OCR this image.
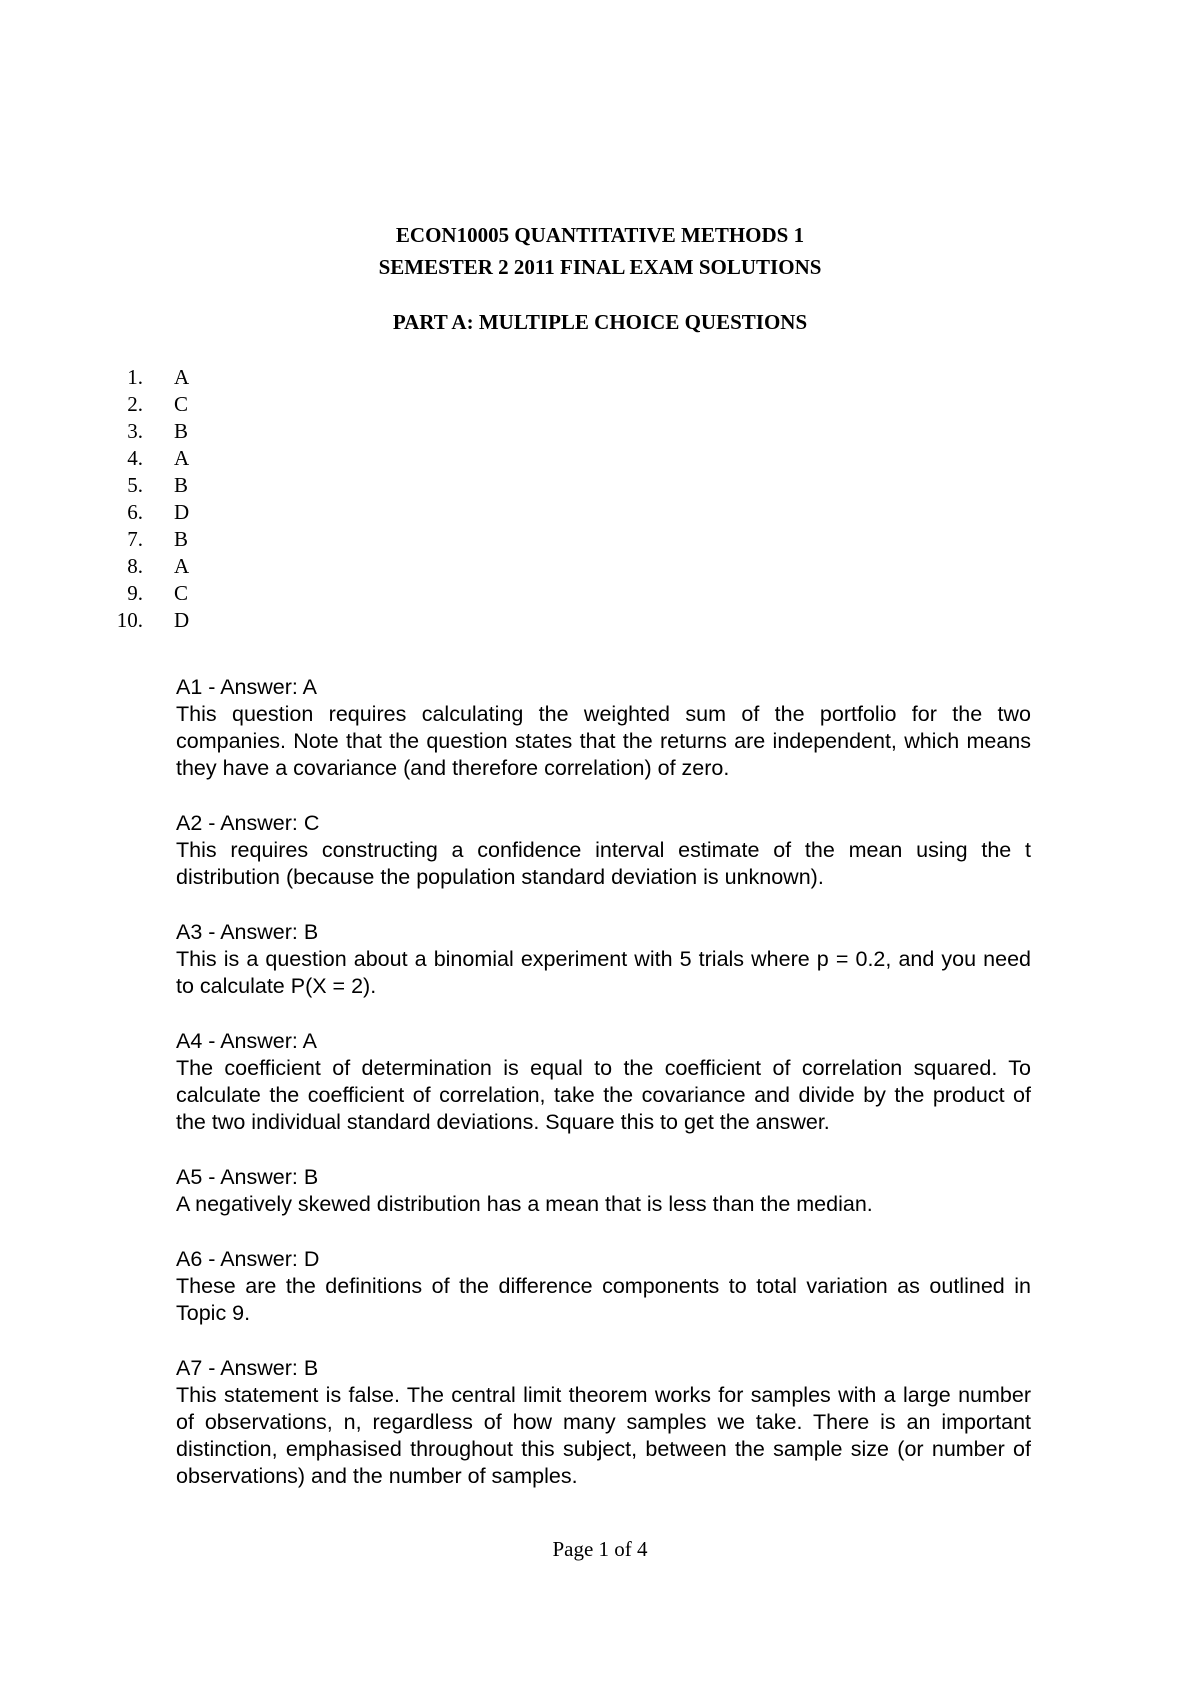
ECON10005 QUANTITATIVE METHODS 1
SEMESTER 2 2011 FINAL EXAM SOLUTIONS
PART A: MULTIPLE CHOICE QUESTIONS
1. A
2. C
3. B
4. A
5. B
6. D
7. B
8. A
9. C
10. D
A1 - Answer: A
This question requires calculating the weighted sum of the portfolio for the two companies. Note that the question states that the returns are independent, which means they have a covariance (and therefore correlation) of zero.
A2 - Answer: C
This requires constructing a confidence interval estimate of the mean using the t distribution (because the population standard deviation is unknown).
A3 - Answer: B
This is a question about a binomial experiment with 5 trials where p = 0.2, and you need to calculate P(X = 2).
A4 - Answer: A
The coefficient of determination is equal to the coefficient of correlation squared. To calculate the coefficient of correlation, take the covariance and divide by the product of the two individual standard deviations. Square this to get the answer.
A5 - Answer: B
A negatively skewed distribution has a mean that is less than the median.
A6 - Answer: D
These are the definitions of the difference components to total variation as outlined in Topic 9.
A7 - Answer: B
This statement is false. The central limit theorem works for samples with a large number of observations, n, regardless of how many samples we take. There is an important distinction, emphasised throughout this subject, between the sample size (or number of observations) and the number of samples.
Page 1 of 4
